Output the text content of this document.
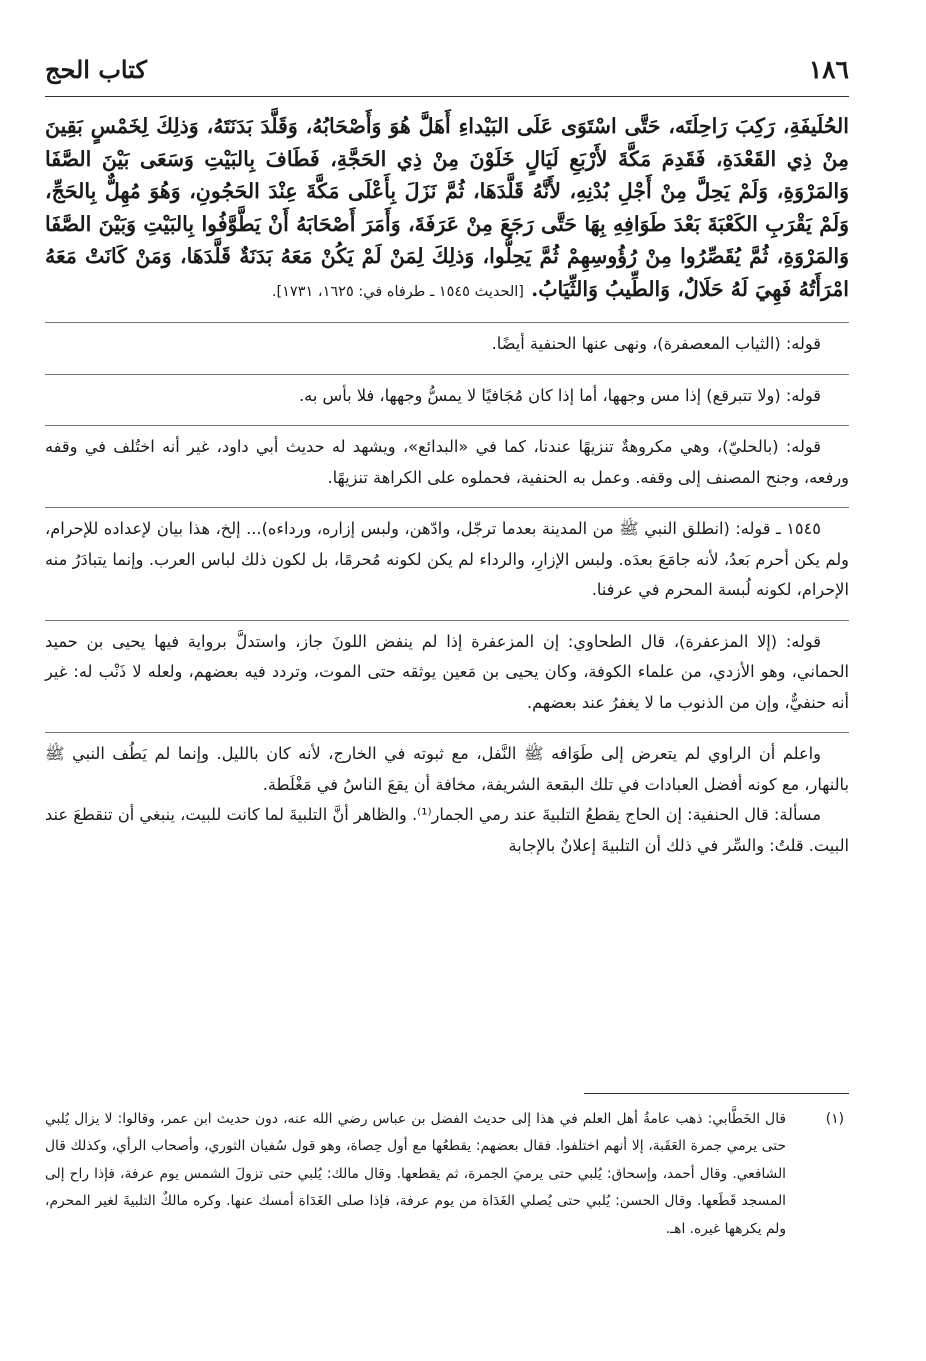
١٨٦
كتاب الحج

الحُلَيفَةِ، رَكِبَ رَاحِلَتَه، حَتَّى اسْتَوَى عَلَى البَيْداءِ أَهَلَّ هُوَ وَأَصْحَابُهُ، وَقَلَّدَ بَدَنَتَهُ، وَذلِكَ لِخَمْسٍ بَقِينَ مِنْ ذِي القَعْدَةِ، فَقَدِمَ مَكَّةَ لأَرْبَعِ لَيَالٍ خَلَوْنَ مِنْ ذِي الحَجَّةِ، فَطَافَ بِالبَيْتِ وَسَعَى بَيْنَ الصَّفَا وَالمَرْوَةِ، وَلَمْ يَحِلَّ مِنْ أَجْلِ بُدْنِهِ، لأَنَّهُ قَلَّدَهَا، ثُمَّ نَزَلَ بِأَعْلَى مَكَّةَ عِنْدَ الحَجُونِ، وَهُوَ مُهِلٌّ بِالحَجِّ، وَلَمْ يَقْرَبِ الكَعْبَةَ بَعْدَ طَوَافِهِ بِهَا حَتَّى رَجَعَ مِنْ عَرَفَةَ، وَأَمَرَ أَصْحَابَهُ أَنْ يَطَّوَّفُوا بِالبَيْتِ وَبَيْنَ الصَّفَا وَالمَرْوَةِ، ثُمَّ يُقَصِّرُوا مِنْ رُؤُوسِهِمْ ثُمَّ يَحِلُّوا، وَذلِكَ لِمَنْ لَمْ يَكُنْ مَعَهُ بَدَنَةٌ قَلَّدَهَا، وَمَنْ كَانَتْ مَعَهُ امْرَأَتُهُ فَهِيَ لَهُ حَلَالٌ، وَالطِّيبُ وَالثِّيَابُ. [الحديث ١٥٤٥ ـ طرفاه في: ١٦٢٥، ١٧٣١].

قوله: (الثياب المعصفرة)، ونهى عنها الحنفية أيضًا.

قوله: (ولا تتبرقع) إذا مس وجهها، أما إذا كان مُجَافيًا لا يمسُّ وجهها، فلا بأس به.

قوله: (بالحليّ)، وهي مكروهةٌ تنزيهًا عندنا، كما في «البدائع»، ويشهد له حديث أبي داود، غير أنه اختُلف في وقفه ورفعه، وجنح المصنف إلى وقفه. وعمل به الحنفية، فحملوه على الكراهة تنزيهًا.

١٥٤٥ ـ قوله: (انطلق النبي ﷺ من المدينة بعدما ترجّل، وادّهن، ولبس إزاره، ورداءه)... إلخ، هذا بيان لإعداده للإحرام، ولم يكن أحرم بَعدُ، لأنه جامَعَ بعدَه. ولبس الإزارِ، والرداء لم يكن لكونه مُحرمًا، بل لكون ذلك لباس العرب. وإنما يتبادَرُ منه الإحرام، لكونه لُبسة المحرم في عرفنا.

قوله: (إلا المزعفرة)، قال الطحاوي: إن المزعفرة إذا لم ينفض اللونَ جاز، واستدلَّ برواية فيها يحيى بن حميد الحماني، وهو الأزدي، من علماء الكوفة، وكان يحيى بن مَعين يوثقه حتى الموت، وتردد فيه بعضهم، ولعله لا ذَنْب له: غير أنه حنفيٌّ، وإن من الذنوب ما لا يغفرُ عند بعضهم.

واعلم أن الراوي لم يتعرض إلى طَوَافه ﷺ النَّفل، مع ثبوته في الخارج، لأنه كان بالليل. وإنما لم يَطُف النبي ﷺ بالنهار، مع كونه أفضل العبادات في تلك البقعة الشريفة، مخافة أن يقعَ الناسُ في مَغْلَطة.

مسألة: قال الحنفية: إن الحاج يقطعُ التلبيةَ عند رمي الجمار⁽¹⁾. والظاهر أنَّ التلبيةَ لما كانت للبيت، ينبغي أن تنقطعَ عند البيت. قلتُ: والسِّر في ذلك أن التلبيةَ إعلانٌ بالإجابة

(١)
قال الخَطَّابي: ذهب عامةُ أهل العلم في هذا إلى حديث الفضل بن عباس رضي الله عنه، دون حديث ابن عمر، وقالوا: لا يزال يُلبي حتى يرمي جمرة العَقَبة، إلا أنهم اختلفوا. فقال بعضهم: يقطعُها مع أول حِصاة، وهو قول سُفيان الثوري، وأصحاب الرأي، وكذلك قال الشافعي. وقال أحمد، وإسحاق: يُلبي حتى يرميَ الجمرة، ثم يقطعها. وقال مالك: يُلبي حتى تزولَ الشمس يوم عرفة، فإذا راح إلى المسجد قَطَعها. وقال الحسن: يُلبي حتى يُصلي الغَدَاة من يوم عرفة، فإذا صلى الغَدَاة أمسك عنها. وكره مالكٌ التلبيةَ لغير المحرم، ولم يكرهها غيره. اهـ.
